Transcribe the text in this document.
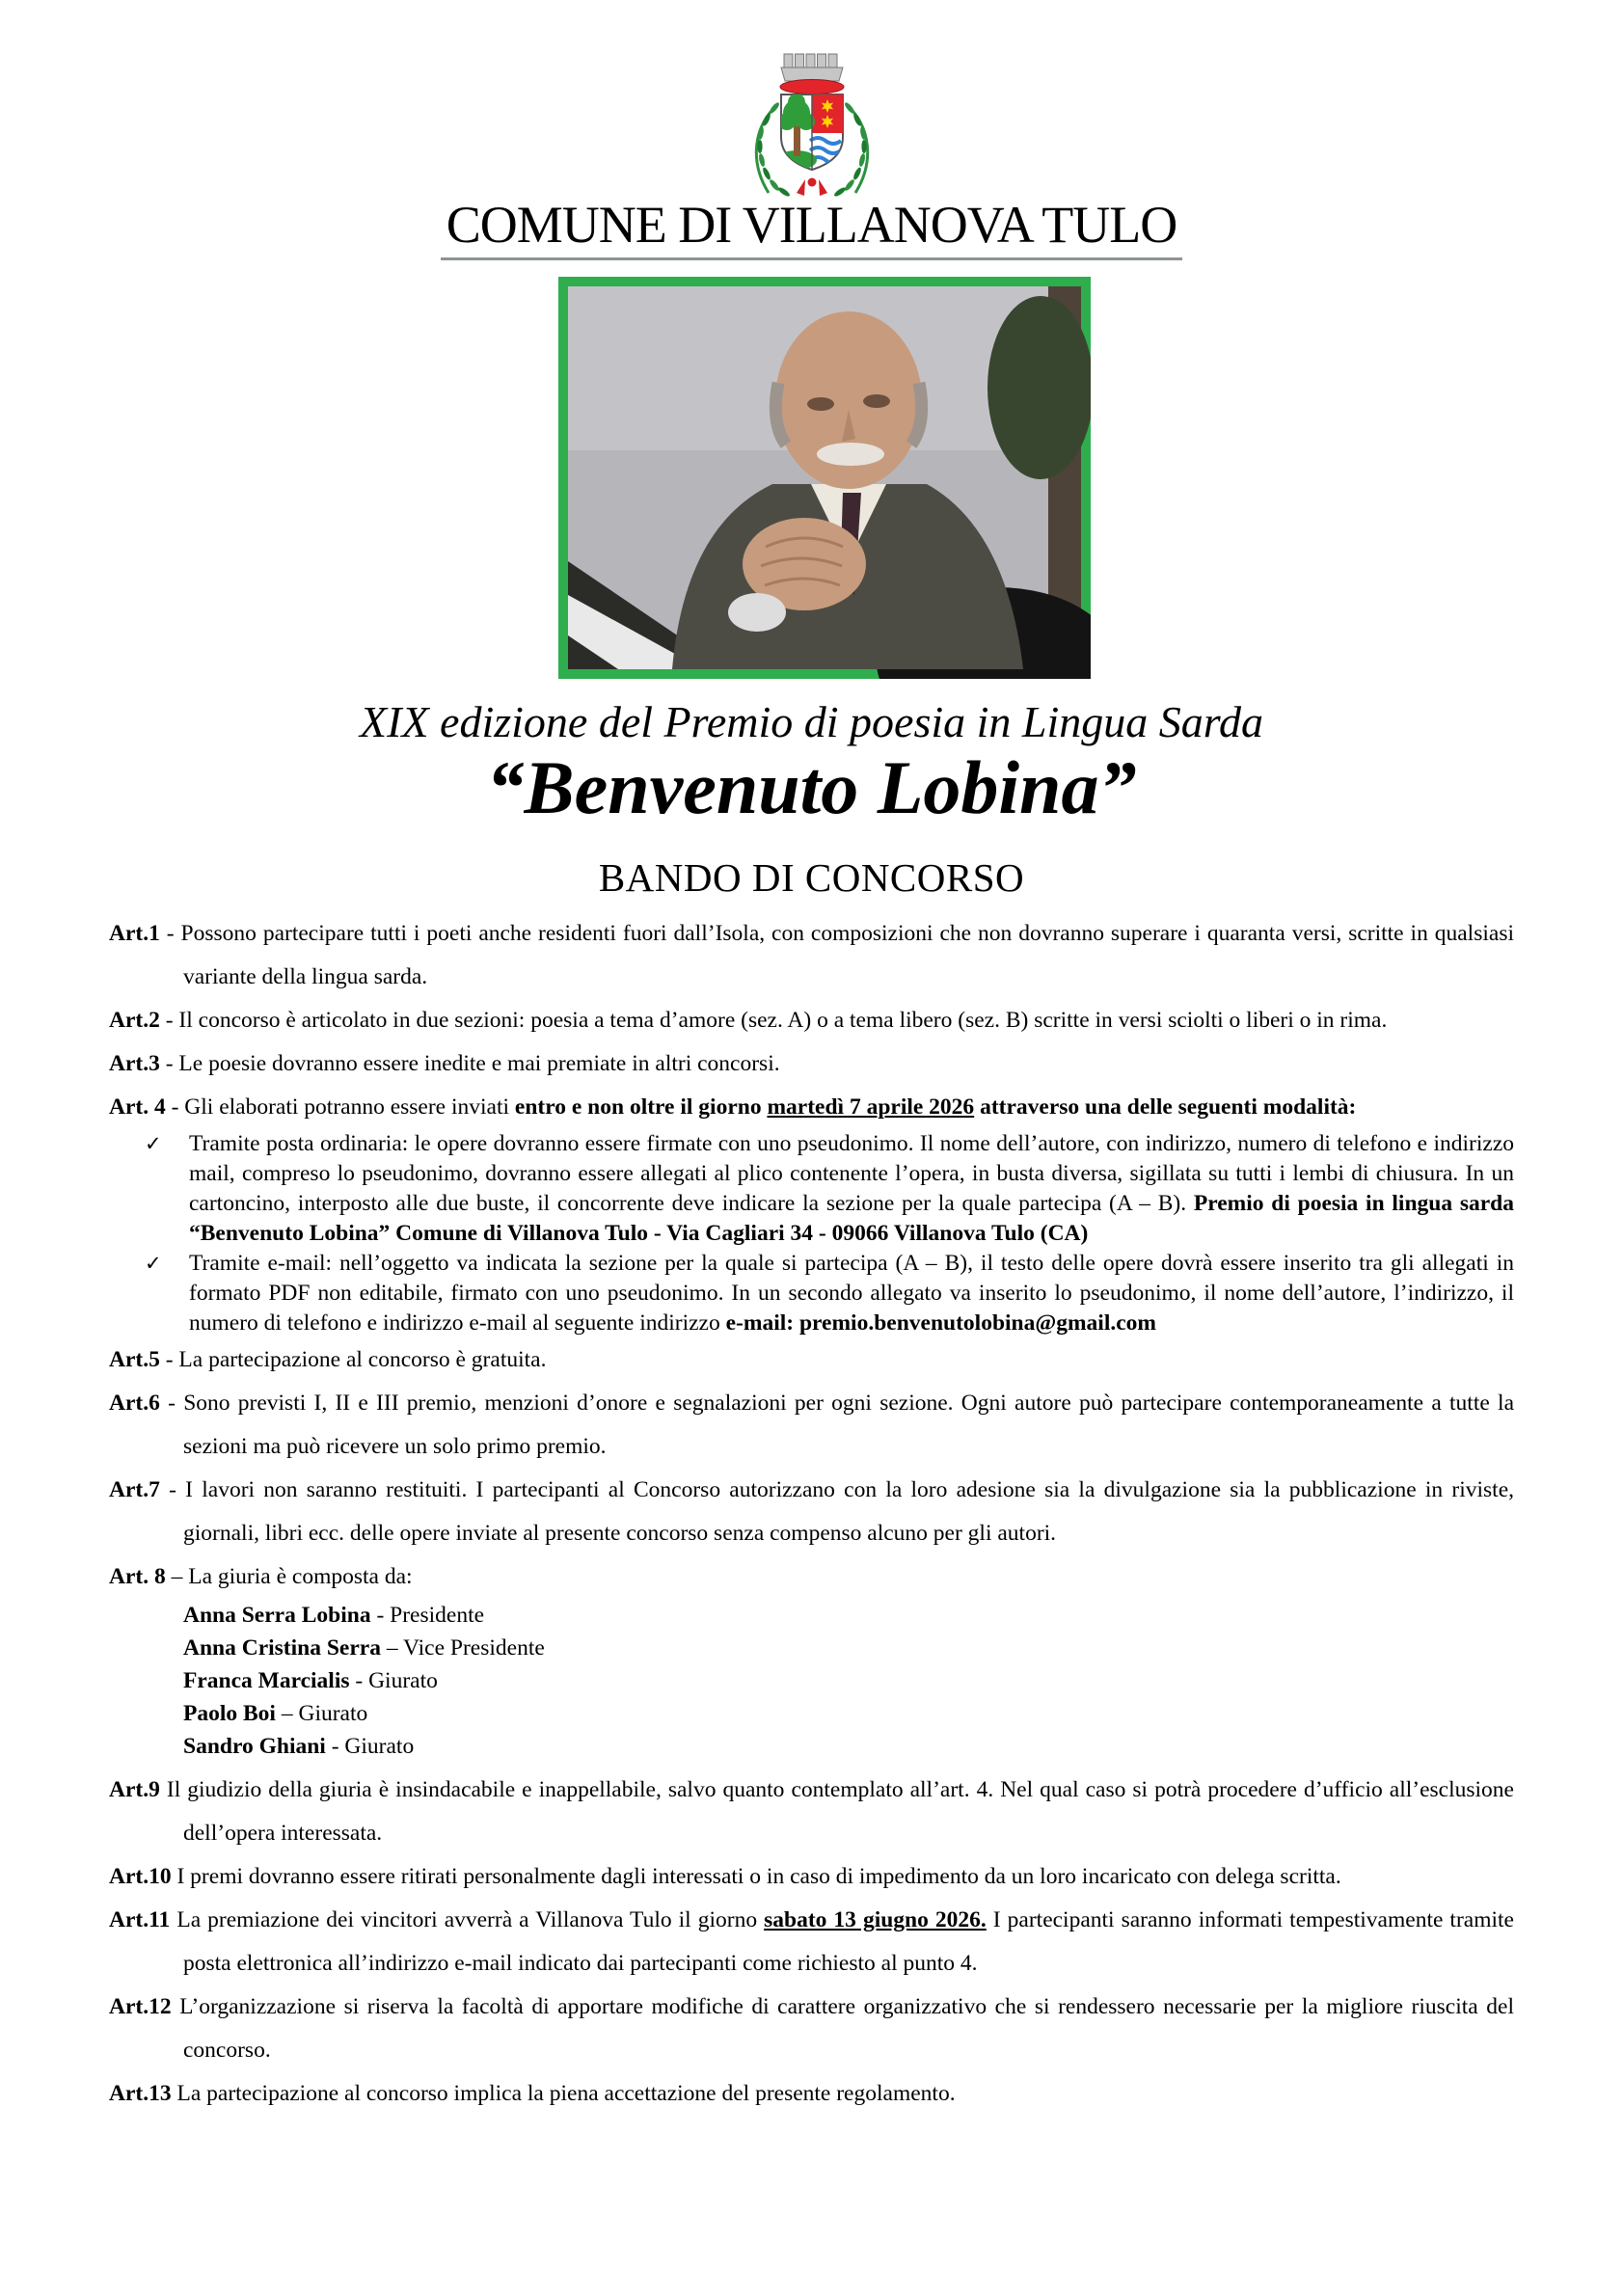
COMUNE DI VILLANOVA TULO
XIX edizione del Premio di poesia in Lingua Sarda
“Benvenuto Lobina”
BANDO DI CONCORSO

Art.1 - Possono partecipare tutti i poeti anche residenti fuori dall’Isola, con composizioni che non dovranno superare i quaranta versi, scritte in qualsiasi variante della lingua sarda.

Art.2 - Il concorso è articolato in due sezioni: poesia a tema d’amore (sez. A) o a tema libero (sez. B) scritte in versi sciolti o liberi o in rima.

Art.3 - Le poesie dovranno essere inedite e mai premiate in altri concorsi.

Art. 4 - Gli elaborati potranno essere inviati entro e non oltre il giorno martedì 7 aprile 2026 attraverso una delle seguenti modalità:

✓ Tramite posta ordinaria: le opere dovranno essere firmate con uno pseudonimo. Il nome dell’autore, con indirizzo, numero di telefono e indirizzo mail, compreso lo pseudonimo, dovranno essere allegati al plico contenente l’opera, in busta diversa, sigillata su tutti i lembi di chiusura. In un cartoncino, interposto alle due buste, il concorrente deve indicare la sezione per la quale partecipa (A – B). Premio di poesia in lingua sarda “Benvenuto Lobina” Comune di Villanova Tulo - Via Cagliari 34 - 09066 Villanova Tulo (CA)

✓ Tramite e-mail: nell’oggetto va indicata la sezione per la quale si partecipa (A – B), il testo delle opere dovrà essere inserito tra gli allegati in formato PDF non editabile, firmato con uno pseudonimo. In un secondo allegato va inserito lo pseudonimo, il nome dell’autore, l’indirizzo, il numero di telefono e indirizzo e-mail al seguente indirizzo e-mail: premio.benvenutolobina@gmail.com

Art.5 - La partecipazione al concorso è gratuita.

Art.6 - Sono previsti I, II e III premio, menzioni d’onore e segnalazioni per ogni sezione. Ogni autore può partecipare contemporaneamente a tutte la sezioni ma può ricevere un solo primo premio.

Art.7 - I lavori non saranno restituiti. I partecipanti al Concorso autorizzano con la loro adesione sia la divulgazione sia la pubblicazione in riviste, giornali, libri ecc. delle opere inviate al presente concorso senza compenso alcuno per gli autori.

Art. 8 – La giuria è composta da:

Anna Serra Lobina - Presidente

Anna Cristina Serra – Vice Presidente

Franca Marcialis - Giurato

Paolo Boi – Giurato

Sandro Ghiani - Giurato

Art.9 Il giudizio della giuria è insindacabile e inappellabile, salvo quanto contemplato all’art. 4. Nel qual caso si potrà procedere d’ufficio all’esclusione dell’opera interessata.

Art.10 I premi dovranno essere ritirati personalmente dagli interessati o in caso di impedimento da un loro incaricato con delega scritta.

Art.11 La premiazione dei vincitori avverrà a Villanova Tulo il giorno sabato 13 giugno 2026. I partecipanti saranno informati tempestivamente tramite posta elettronica all’indirizzo e-mail indicato dai partecipanti come richiesto al punto 4.

Art.12 L’organizzazione si riserva la facoltà di apportare modifiche di carattere organizzativo che si rendessero necessarie per la migliore riuscita del concorso.

Art.13 La partecipazione al concorso implica la piena accettazione del presente regolamento.
